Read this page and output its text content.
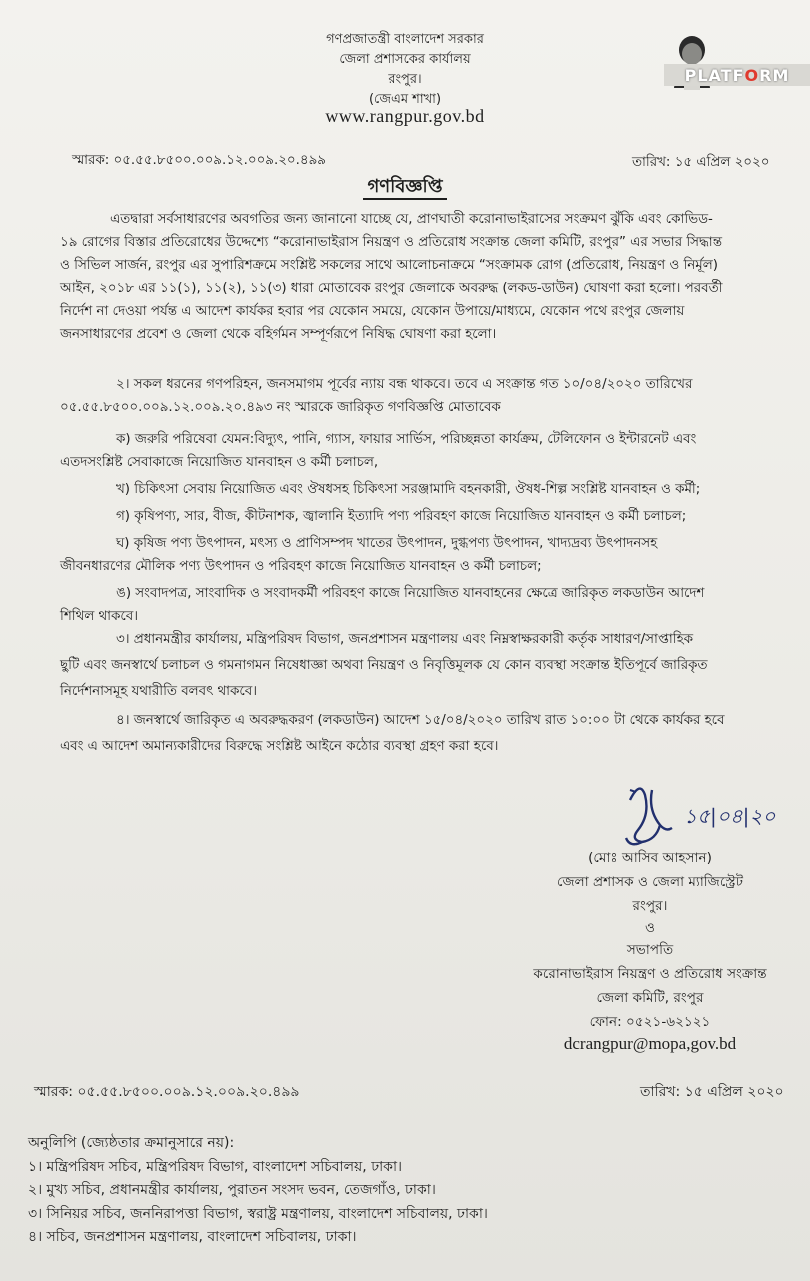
গণপ্রজাতন্ত্রী বাংলাদেশ সরকার
জেলা প্রশাসকের কার্যালয়
রংপুর।
(জেএম শাখা)
www.rangpur.gov.bd
PLATF O RM
স্মারক: ০৫.৫৫.৮৫০০.০০৯.১২.০০৯.২০.৪৯৯	তারিখ: ১৫ এপ্রিল ২০২০
গণবিজ্ঞপ্তি
এতদ্বারা সর্বসাধারণের অবগতির জন্য জানানো যাচ্ছে যে, প্রাণঘাতী করোনাভাইরাসের সংক্রমণ ঝুঁকি এবং কোভিড-
১৯ রোগের বিস্তার প্রতিরোধের উদ্দেশ্যে “করোনাভাইরাস নিয়ন্ত্রণ ও প্রতিরোধ সংক্রান্ত জেলা কমিটি, রংপুর” এর সভার সিদ্ধান্ত
ও সিভিল সার্জন, রংপুর এর সুপারিশক্রমে সংশ্লিষ্ট সকলের সাথে আলোচনাক্রমে “সংক্রামক রোগ (প্রতিরোধ, নিয়ন্ত্রণ ও নির্মূল)
আইন, ২০১৮ এর ১১(১), ১১(২), ১১(৩) ধারা মোতাবেক রংপুর জেলাকে অবরুদ্ধ (লকড-ডাউন) ঘোষণা করা হলো। পরবর্তী
নির্দেশ না দেওয়া পর্যন্ত এ আদেশ কার্যকর হবার পর যেকোন সময়ে, যেকোন উপায়ে/মাধ্যমে, যেকোন পথে রংপুর জেলায়
জনসাধারণের প্রবেশ ও জেলা থেকে বহির্গমন সম্পূর্ণরূপে নিষিদ্ধ ঘোষণা করা হলো।
২। সকল ধরনের গণপরিহন, জনসমাগম পূর্বের ন্যায় বন্ধ থাকবে। তবে এ সংক্রান্ত গত ১০/০৪/২০২০ তারিখের
০৫.৫৫.৮৫০০.০০৯.১২.০০৯.২০.৪৯৩ নং স্মারকে জারিকৃত গণবিজ্ঞপ্তি মোতাবেক
ক) জরুরি পরিষেবা যেমন:বিদ্যুৎ, পানি, গ্যাস, ফায়ার সার্ভিস, পরিচ্ছন্নতা কার্যক্রম, টেলিফোন ও ইন্টারনেট এবং
এতদসংশ্লিষ্ট সেবাকাজে নিয়োজিত যানবাহন ও কর্মী চলাচল,
খ) চিকিৎসা সেবায় নিয়োজিত এবং ঔষধসহ চিকিৎসা সরঞ্জামাদি বহনকারী, ঔষধ-শিল্প সংশ্লিষ্ট যানবাহন ও কর্মী;
গ) কৃষিপণ্য, সার, বীজ, কীটনাশক, জ্বালানি ইত্যাদি পণ্য পরিবহণ কাজে নিয়োজিত যানবাহন ও কর্মী চলাচল;
ঘ) কৃষিজ পণ্য উৎপাদন, মৎস্য ও প্রাণিসম্পদ খাতের উৎপাদন, দুগ্ধপণ্য উৎপাদন, খাদ্যদ্রব্য উৎপাদনসহ
জীবনধারণের মৌলিক পণ্য উৎপাদন ও পরিবহণ কাজে নিয়োজিত যানবাহন ও কর্মী চলাচল;
ঙ) সংবাদপত্র, সাংবাদিক ও সংবাদকর্মী পরিবহণ কাজে নিয়োজিত যানবাহনের ক্ষেত্রে জারিকৃত লকডাউন আদেশ
শিথিল থাকবে।
৩। প্রধানমন্ত্রীর কার্যালয়, মন্ত্রিপরিষদ বিভাগ, জনপ্রশাসন মন্ত্রণালয় এবং নিম্নস্বাক্ষরকারী কর্তৃক সাধারণ/সাপ্তাহিক
ছুটি এবং জনস্বার্থে চলাচল ও গমনাগমন নিষেধাজ্ঞা অথবা নিয়ন্ত্রণ ও নিবৃত্তিমূলক যে কোন ব্যবস্থা সংক্রান্ত ইতিপূর্বে জারিকৃত
নির্দেশনাসমূহ যথারীতি বলবৎ থাকবে।
৪। জনস্বার্থে জারিকৃত এ অবরুদ্ধকরণ (লকডাউন) আদেশ ১৫/০৪/২০২০ তারিখ রাত ১০:০০ টা থেকে কার্যকর হবে
এবং এ আদেশ অমান্যকারীদের বিরুদ্ধে সংশ্লিষ্ট আইনে কঠোর ব্যবস্থা গ্রহণ করা হবে।
১৫|০৪|২০
(মোঃ আসিব আহসান)
জেলা প্রশাসক ও জেলা ম্যাজিস্ট্রেট
রংপুর।
ও
সভাপতি
করোনাভাইরাস নিয়ন্ত্রণ ও প্রতিরোধ সংক্রান্ত
জেলা কমিটি, রংপুর
ফোন: ০৫২১-৬২১২১
dcrangpur@mopa,gov.bd
স্মারক: ০৫.৫৫.৮৫০০.০০৯.১২.০০৯.২০.৪৯৯	তারিখ: ১৫ এপ্রিল ২০২০
অনুলিপি (জ্যেষ্ঠতার ক্রমানুসারে নয়):
১। মন্ত্রিপরিষদ সচিব, মন্ত্রিপরিষদ বিভাগ, বাংলাদেশ সচিবালয়, ঢাকা।
২। মুখ্য সচিব, প্রধানমন্ত্রীর কার্যালয়, পুরাতন সংসদ ভবন, তেজগাঁও, ঢাকা।
৩। সিনিয়র সচিব, জননিরাপত্তা বিভাগ, স্বরাষ্ট্র মন্ত্রণালয়, বাংলাদেশ সচিবালয়, ঢাকা।
৪। সচিব, জনপ্রশাসন মন্ত্রণালয়, বাংলাদেশ সচিবালয়, ঢাকা।
